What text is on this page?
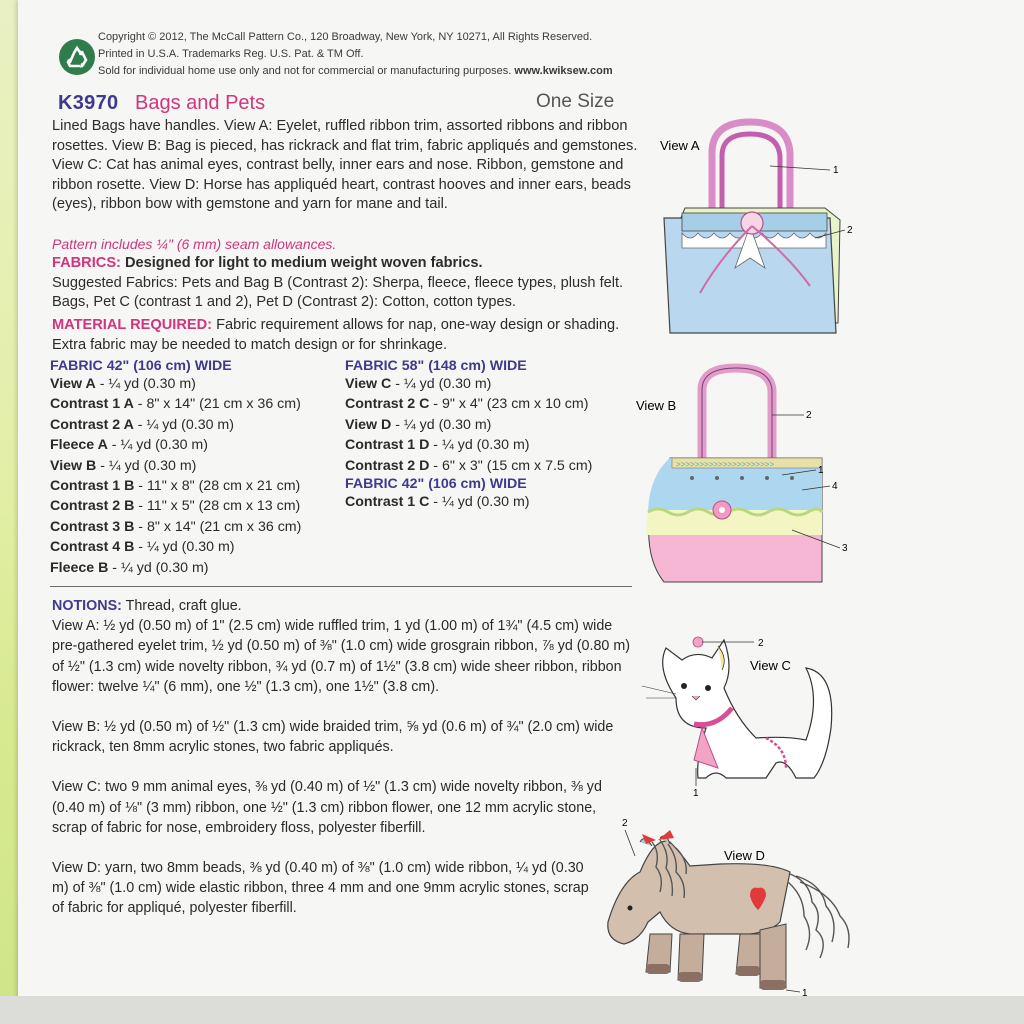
Copyright © 2012, The McCall Pattern Co., 120 Broadway, New York, NY 10271, All Rights Reserved.
Printed in U.S.A. Trademarks Reg. U.S. Pat. & TM Off.
Sold for individual home use only and not for commercial or manufacturing purposes. www.kwiksew.com
K3970 Bags and Pets	One Size
Lined Bags have handles. View A: Eyelet, ruffled ribbon trim, assorted ribbons and ribbon rosettes. View B: Bag is pieced, has rickrack and flat trim, fabric appliqués and gemstones. View C: Cat has animal eyes, contrast belly, inner ears and nose. Ribbon, gemstone and ribbon rosette. View D: Horse has appliquéd heart, contrast hooves and inner ears, beads (eyes), ribbon bow with gemstone and yarn for mane and tail.
Pattern includes ¼" (6 mm) seam allowances.
FABRICS: Designed for light to medium weight woven fabrics.
Suggested Fabrics: Pets and Bag B (Contrast 2): Sherpa, fleece, fleece types, plush felt. Bags, Pet C (contrast 1 and 2), Pet D (Contrast 2): Cotton, cotton types.
MATERIAL REQUIRED: Fabric requirement allows for nap, one-way design or shading. Extra fabric may be needed to match design or for shrinkage.
FABRIC 42" (106 cm) WIDE
View A - ¼ yd (0.30 m)
Contrast 1 A - 8" x 14" (21 cm x 36 cm)
Contrast 2 A - ¼ yd (0.30 m)
Fleece A - ¼ yd (0.30 m)
View B - ¼ yd (0.30 m)
Contrast 1 B - 11" x 8" (28 cm x 21 cm)
Contrast 2 B - 11" x 5" (28 cm x 13 cm)
Contrast 3 B - 8" x 14" (21 cm x 36 cm)
Contrast 4 B - ¼ yd (0.30 m)
Fleece B - ¼ yd (0.30 m)
FABRIC 58" (148 cm) WIDE
View C - ¼ yd (0.30 m)
Contrast 2 C - 9" x 4" (23 cm x 10 cm)
View D - ¼ yd (0.30 m)
Contrast 1 D - ¼ yd (0.30 m)
Contrast 2 D - 6" x 3" (15 cm x 7.5 cm)
FABRIC 42" (106 cm) WIDE
Contrast 1 C - ¼ yd (0.30 m)
NOTIONS: Thread, craft glue.
View A: ½ yd (0.50 m) of 1" (2.5 cm) wide ruffled trim, 1 yd (1.00 m) of 1¾" (4.5 cm) wide pre-gathered eyelet trim, ½ yd (0.50 m) of ⅜" (1.0 cm) wide grosgrain ribbon, ⅞ yd (0.80 m) of ½" (1.3 cm) wide novelty ribbon, ¾ yd (0.7 m) of 1½" (3.8 cm) wide sheer ribbon, ribbon flower: twelve ¼" (6 mm), one ½" (1.3 cm), one 1½" (3.8 cm).
View B: ½ yd (0.50 m) of ½" (1.3 cm) wide braided trim, ⅝ yd (0.6 m) of ¾" (2.0 cm) wide rickrack, ten 8mm acrylic stones, two fabric appliqués.
View C: two 9 mm animal eyes, ⅜ yd (0.40 m) of ½" (1.3 cm) wide novelty ribbon, ⅜ yd (0.40 m) of ⅛" (3 mm) ribbon, one ½" (1.3 cm) ribbon flower, one 12 mm acrylic stone, scrap of fabric for nose, embroidery floss, polyester fiberfill.
View D: yarn, two 8mm beads, ⅜ yd (0.40 m) of ⅜" (1.0 cm) wide ribbon, ¼ yd (0.30 m) of ⅜" (1.0 cm) wide elastic ribbon, three 4 mm and one 9mm acrylic stones, scrap of fabric for appliqué, polyester fiberfill.
View A
1
2
View B
2
>>>>>>>>>>>>>>>>>>>>>
1
4
3
2
View C
1
2
View D
1
